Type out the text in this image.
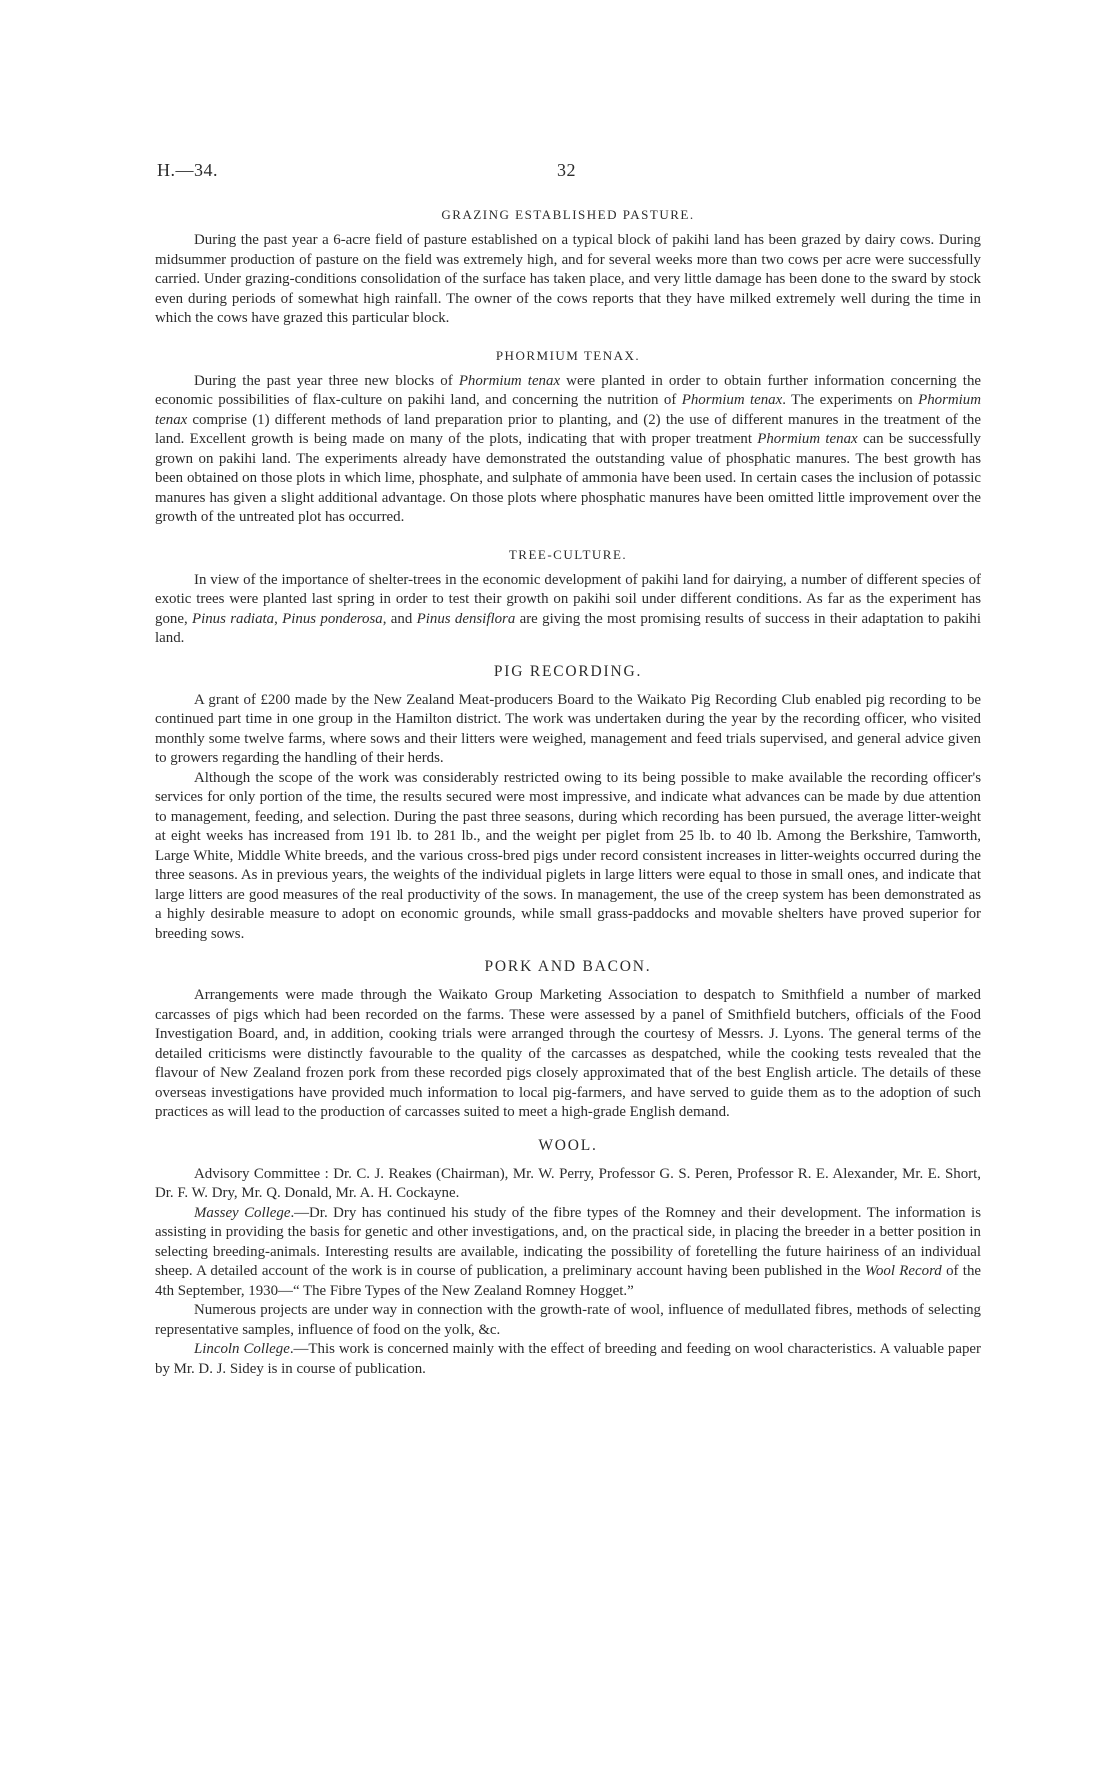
H.—34.	32
GRAZING ESTABLISHED PASTURE.

During the past year a 6-acre field of pasture established on a typical block of pakihi land has been grazed by dairy cows. During midsummer production of pasture on the field was extremely high, and for several weeks more than two cows per acre were successfully carried. Under grazing-conditions consolidation of the surface has taken place, and very little damage has been done to the sward by stock even during periods of somewhat high rainfall. The owner of the cows reports that they have milked extremely well during the time in which the cows have grazed this particular block.

PHORMIUM TENAX.

During the past year three new blocks of Phormium tenax were planted in order to obtain further information concerning the economic possibilities of flax-culture on pakihi land, and concerning the nutrition of Phormium tenax. The experiments on Phormium tenax comprise (1) different methods of land preparation prior to planting, and (2) the use of different manures in the treatment of the land. Excellent growth is being made on many of the plots, indicating that with proper treatment Phormium tenax can be successfully grown on pakihi land. The experiments already have demonstrated the outstanding value of phosphatic manures. The best growth has been obtained on those plots in which lime, phosphate, and sulphate of ammonia have been used. In certain cases the inclusion of potassic manures has given a slight additional advantage. On those plots where phosphatic manures have been omitted little improvement over the growth of the untreated plot has occurred.

TREE-CULTURE.

In view of the importance of shelter-trees in the economic development of pakihi land for dairying, a number of different species of exotic trees were planted last spring in order to test their growth on pakihi soil under different conditions. As far as the experiment has gone, Pinus radiata, Pinus ponderosa, and Pinus densiflora are giving the most promising results of success in their adaptation to pakihi land.

PIG RECORDING.

A grant of £200 made by the New Zealand Meat-producers Board to the Waikato Pig Recording Club enabled pig recording to be continued part time in one group in the Hamilton district. The work was undertaken during the year by the recording officer, who visited monthly some twelve farms, where sows and their litters were weighed, management and feed trials supervised, and general advice given to growers regarding the handling of their herds.

Although the scope of the work was considerably restricted owing to its being possible to make available the recording officer's services for only portion of the time, the results secured were most impressive, and indicate what advances can be made by due attention to management, feeding, and selection. During the past three seasons, during which recording has been pursued, the average litter-weight at eight weeks has increased from 191 lb. to 281 lb., and the weight per piglet from 25 lb. to 40 lb. Among the Berkshire, Tamworth, Large White, Middle White breeds, and the various cross-bred pigs under record consistent increases in litter-weights occurred during the three seasons. As in previous years, the weights of the individual piglets in large litters were equal to those in small ones, and indicate that large litters are good measures of the real productivity of the sows. In management, the use of the creep system has been demonstrated as a highly desirable measure to adopt on economic grounds, while small grass-paddocks and movable shelters have proved superior for breeding sows.

PORK AND BACON.

Arrangements were made through the Waikato Group Marketing Association to despatch to Smithfield a number of marked carcasses of pigs which had been recorded on the farms. These were assessed by a panel of Smithfield butchers, officials of the Food Investigation Board, and, in addition, cooking trials were arranged through the courtesy of Messrs. J. Lyons. The general terms of the detailed criticisms were distinctly favourable to the quality of the carcasses as despatched, while the cooking tests revealed that the flavour of New Zealand frozen pork from these recorded pigs closely approximated that of the best English article. The details of these overseas investigations have provided much information to local pig-farmers, and have served to guide them as to the adoption of such practices as will lead to the production of carcasses suited to meet a high-grade English demand.

WOOL.

Advisory Committee : Dr. C. J. Reakes (Chairman), Mr. W. Perry, Professor G. S. Peren, Professor R. E. Alexander, Mr. E. Short, Dr. F. W. Dry, Mr. Q. Donald, Mr. A. H. Cockayne.

Massey College.—Dr. Dry has continued his study of the fibre types of the Romney and their development. The information is assisting in providing the basis for genetic and other investigations, and, on the practical side, in placing the breeder in a better position in selecting breeding-animals. Interesting results are available, indicating the possibility of foretelling the future hairiness of an individual sheep. A detailed account of the work is in course of publication, a preliminary account having been published in the Wool Record of the 4th September, 1930—“ The Fibre Types of the New Zealand Romney Hogget.”

Numerous projects are under way in connection with the growth-rate of wool, influence of medullated fibres, methods of selecting representative samples, influence of food on the yolk, &c.

Lincoln College.—This work is concerned mainly with the effect of breeding and feeding on wool characteristics. A valuable paper by Mr. D. J. Sidey is in course of publication.
